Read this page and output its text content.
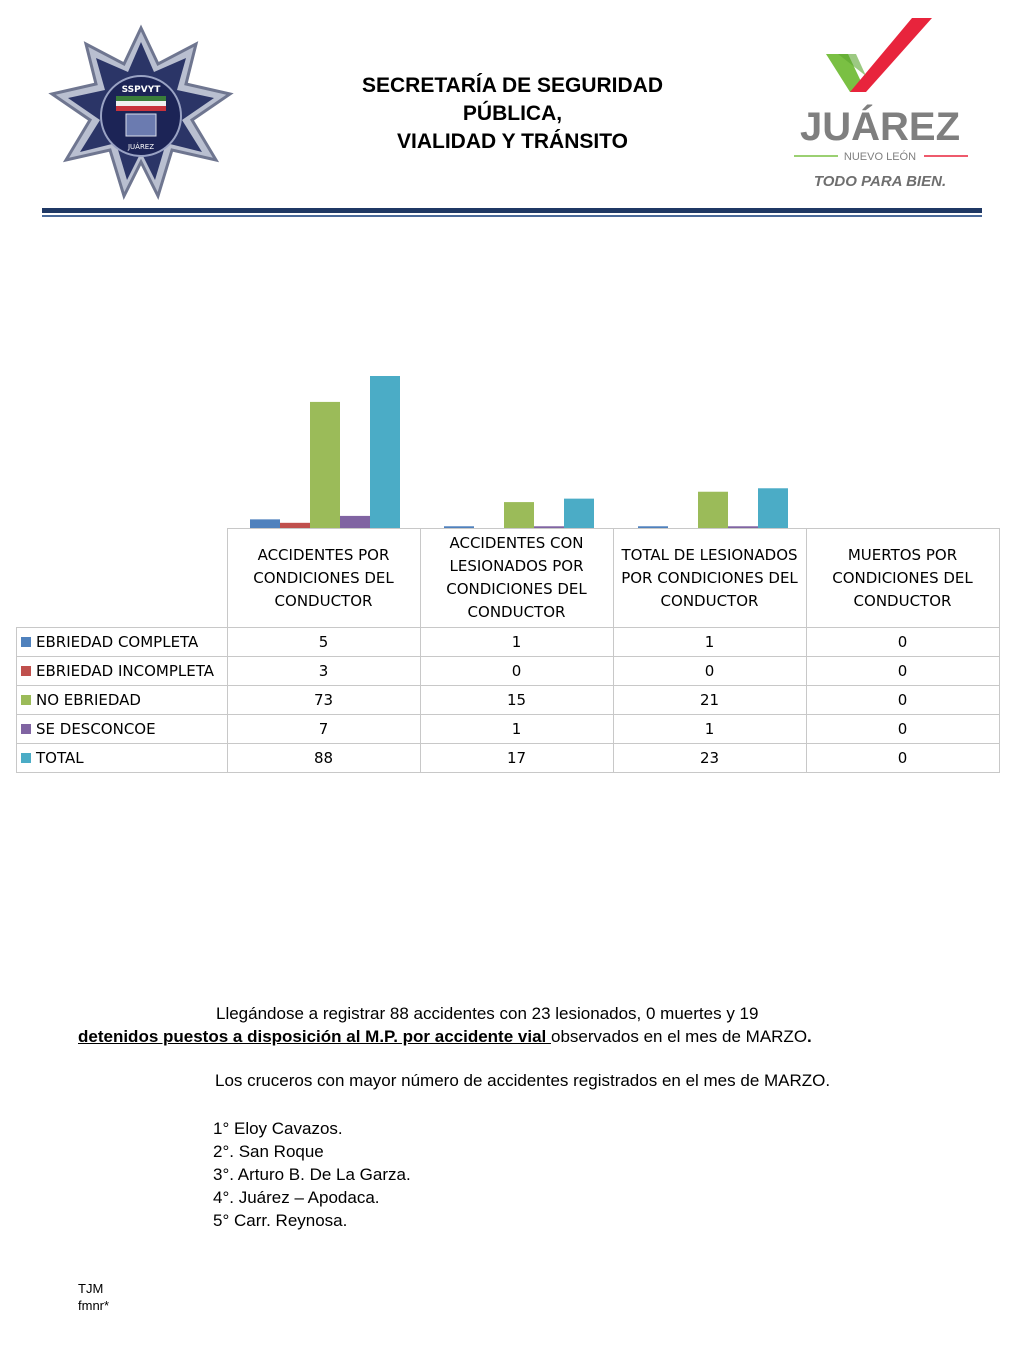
SSPVYT
JUÁREZ
SECRETARÍA DE SEGURIDAD
PÚBLICA,
VIALIDAD Y TRÁNSITO	JUÁREZ
NUEVO LEÓN
TODO PARA BIEN.
	ACCIDENTES POR
CONDICIONES DEL
CONDUCTOR	ACCIDENTES CON
LESIONADOS POR
CONDICIONES DEL
CONDUCTOR	TOTAL DE LESIONADOS
POR CONDICIONES DEL
CONDUCTOR	MUERTOS POR
CONDICIONES DEL
CONDUCTOR
EBRIEDAD COMPLETA	5	1	1	0
EBRIEDAD INCOMPLETA	3	0	0	0
NO EBRIEDAD	73	15	21	0
SE DESCONCOE	7	1	1	0
TOTAL	88	17	23	0
Llegándose a registrar 88 accidentes con 23 lesionados, 0 muertes y 19
detenidos puestos a disposición al M.P. por accidente vial observados en el mes de MARZO.
Los cruceros con mayor número de accidentes registrados en el mes de MARZO.
1° Eloy Cavazos.
2°. San Roque
3°. Arturo B. De La Garza.
4°. Juárez – Apodaca.
5° Carr. Reynosa.
TJM
fmnr*
